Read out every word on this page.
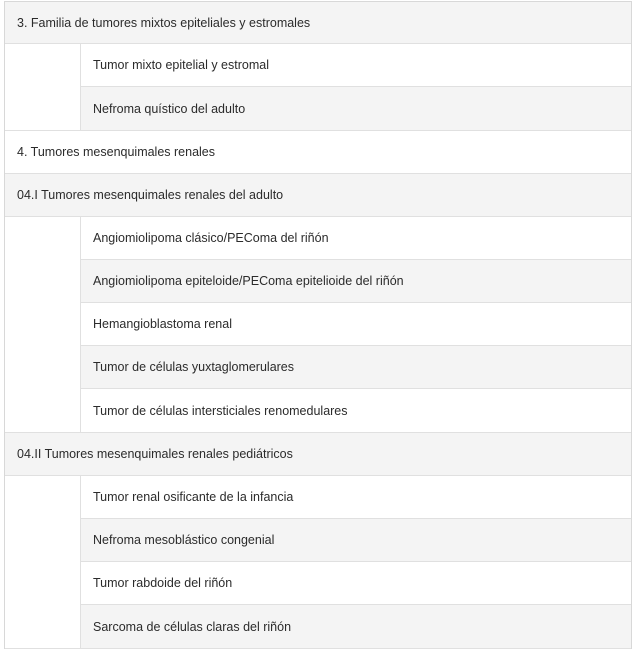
3. Familia de tumores mixtos epiteliales y estromales
Tumor mixto epitelial y estromal
Nefroma quístico del adulto
4. Tumores mesenquimales renales
04.I Tumores mesenquimales renales del adulto
Angiomiolipoma clásico/PEComa del riñón
Angiomiolipoma epiteloide/PEComa epitelioide del riñón
Hemangioblastoma renal
Tumor de células yuxtaglomerulares
Tumor de células intersticiales renomedulares
04.II Tumores mesenquimales renales pediátricos
Tumor renal osificante de la infancia
Nefroma mesoblástico congenial
Tumor rabdoide del riñón
Sarcoma de células claras del riñón
